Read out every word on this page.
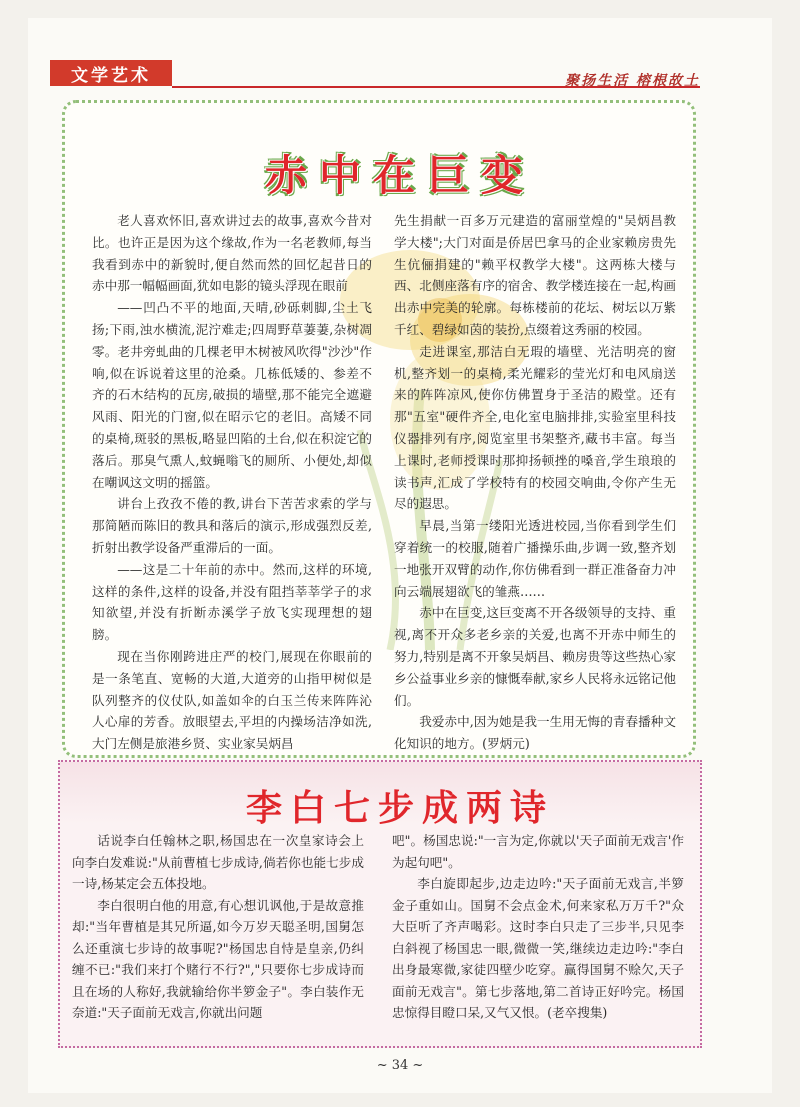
文学艺术	聚扬生活 榕根故土
赤中在巨变

老人喜欢怀旧,喜欢讲过去的故事,喜欢今昔对比。也许正是因为这个缘故,作为一名老教师,每当我看到赤中的新貌时,便自然而然的回忆起昔日的赤中那一幅幅画面,犹如电影的镜头浮现在眼前

——凹凸不平的地面,天晴,砂砾刺脚,尘土飞扬;下雨,浊水横流,泥泞难走;四周野草萋萋,杂树凋零。老井旁虬曲的几棵老甲木树被风吹得"沙沙"作响,似在诉说着这里的沧桑。几栋低矮的、参差不齐的石木结构的瓦房,破损的墙壁,那不能完全遮避风雨、阳光的门窗,似在昭示它的老旧。高矮不同的桌椅,斑驳的黑板,略显凹陷的土台,似在积淀它的落后。那臭气熏人,蚊蝇嗡飞的厕所、小便处,却似在嘲讽这文明的摇篮。

讲台上孜孜不倦的教,讲台下苦苦求索的学与那简陋而陈旧的教具和落后的演示,形成强烈反差,折射出教学设备严重滞后的一面。

——这是二十年前的赤中。然而,这样的环境,这样的条件,这样的设备,并没有阻挡莘莘学子的求知欲望,并没有折断赤溪学子放飞实现理想的翅膀。

现在当你刚跨进庄严的校门,展现在你眼前的是一条笔直、宽畅的大道,大道旁的山指甲树似是队列整齐的仪仗队,如盖如伞的白玉兰传来阵阵沁人心扉的芳香。放眼望去,平坦的内操场洁净如洗,大门左侧是旅港乡贤、实业家吴炳昌

先生捐献一百多万元建造的富丽堂煌的"吴炳昌教学大楼";大门对面是侨居巴拿马的企业家赖房贵先生伉俪捐建的"赖平权教学大楼"。这两栋大楼与西、北侧座落有序的宿舍、教学楼连接在一起,构画出赤中完美的轮廓。每栋楼前的花坛、树坛以万紫千红、碧绿如茵的装扮,点缀着这秀丽的校园。

走进课室,那洁白无瑕的墙壁、光洁明亮的窗机,整齐划一的桌椅,柔光耀彩的莹光灯和电风扇送来的阵阵凉风,使你仿佛置身于圣洁的殿堂。还有那"五室"硬件齐全,电化室电脑排排,实验室里科技仪器排列有序,阅览室里书架整齐,藏书丰富。每当上课时,老师授课时那抑扬顿挫的嗓音,学生琅琅的读书声,汇成了学校特有的校园交响曲,令你产生无尽的遐思。

早晨,当第一缕阳光透进校园,当你看到学生们穿着统一的校服,随着广播操乐曲,步调一致,整齐划一地张开双臂的动作,你仿佛看到一群正准备奋力冲向云端展翅欲飞的雏燕……

赤中在巨变,这巨变离不开各级领导的支持、重视,离不开众多老乡亲的关爱,也离不开赤中师生的努力,特别是离不开象吴炳昌、赖房贵等这些热心家乡公益事业乡亲的慷慨奉献,家乡人民将永远铭记他们。

我爱赤中,因为她是我一生用无悔的青春播种文化知识的地方。(罗炳元)

李白七步成两诗

话说李白任翰林之职,杨国忠在一次皇家诗会上向李白发难说:"从前曹植七步成诗,倘若你也能七步成一诗,杨某定会五体投地。

李白很明白他的用意,有心想讥讽他,于是故意推却:"当年曹植是其兄所逼,如今万岁天聪圣明,国舅怎么还重演七步诗的故事呢?"杨国忠自恃是皇亲,仍纠缠不已:"我们来打个赌行不行?","只要你七步成诗而且在场的人称好,我就输给你半箩金子"。李白装作无奈道:"天子面前无戏言,你就出问题

吧"。杨国忠说:"一言为定,你就以'天子面前无戏言'作为起句吧"。

李白旋即起步,边走边吟:"天子面前无戏言,半箩金子重如山。国舅不会点金术,何来家私万万千?"众大臣听了齐声喝彩。这时李白只走了三步半,只见李白斜视了杨国忠一眼,微微一笑,继续边走边吟:"李白出身最寒微,家徒四壁少吃穿。赢得国舅不赊欠,天子面前无戏言"。第七步落地,第二首诗正好吟完。杨国忠惊得目瞪口呆,又气又恨。(老卒搜集)

~ 34 ~
